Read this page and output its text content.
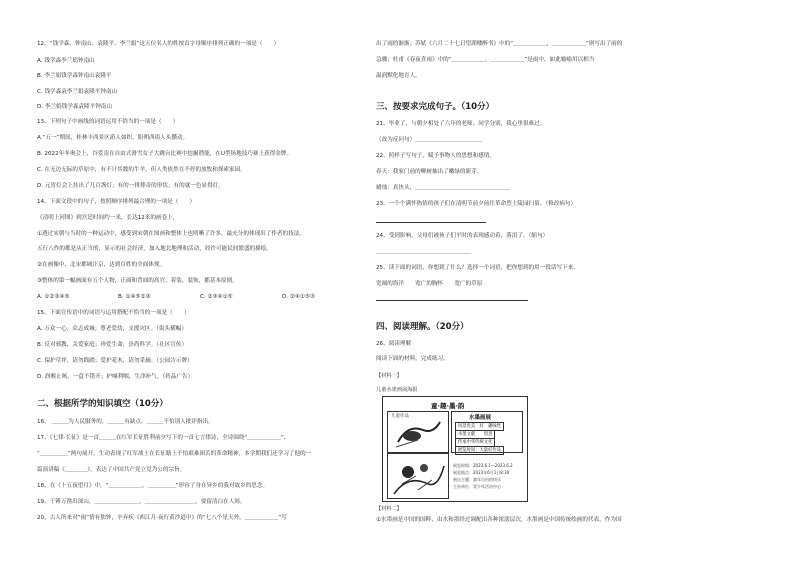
12、“钱学森、钟南山、袁隆平、李兰娟”这五位名人的姓按首字母顺序排列正确的一项是（　　）
A. 钱学森李兰娟钟南山
B. 李兰娟钱学森钟南山袁隆平
C. 钱学森袁李兰娟袁隆平钟南山
D. 李兰娟钱学森袁隆平钟南山
13、下列句子中画线的词语运用不恰当的一项是（　　）
A.“五一”期间，桂林丰西景区游人如织，阳朔西街人头攒动。
B. 2022年冬奥会上，谷爱凌在自由式滑雪女子大跳台比赛中挖掘潜能，在U型场地技巧赛上获得金牌。
C. 在无边无际的草原中，有不计其数的牛羊，但人类依然在不停的放牧和探索家园。
D. 元宵灯会上挂出了几百盏灯；有的一排排奇的形状；有的就一色显得灯。
14、下面文段中的句子，按照顺序排列最合理的一项是（　　）
《清明上河图》到宫廷时间约一米，长达12米的画卷上，
①透过宋朝与当时的一种运动中，感受到宋朝在图画和整体上也明晰了许多，最充分的体现出了作者的技法。
五行八作的都是从正当的，显示的社会经济，加入地北地理和活动，经许可能民间繁盛的描绘。
②在画像中，北宋都城汴京，达到百姓的全面体现。
③整体的第一幅画面有五个人物，正面和背面的高官、着装、装饰，都基本原则。
A. ①②③④⑤	B. ①④⑤②③	C. ②③④①⑤	D. ②④①⑤③
15、下面宣传语中的词语与运用搭配不恰当的一项是（　　）
A. 万众一心，众志成城；尊老爱幼，支援灾区。（街头横幅）
B. 反对邪教，关爱家庭；珍爱生命，崇尚科学。（社区宣传）
C. 保护草坪，请勿践踏；爱护花木，请勿采摘。（公园告示牌）
D. 润喉止咳，一盒不错开；护嗓利咽，生津补气。（药品广告）
二、根据所学的知识填空（10分）
16、 ＿＿＿为人民服务的，＿＿＿有缺点，＿＿＿不怕别人批评指出。
17、《七律·长征》是一首＿＿＿在红军长征胜利前夕写下的一首七言律诗，全诗围绕“＿＿＿＿＿＿”，
“＿＿＿＿＿”两句展开，生动表现了红军战士在长征路上不怕艰难困苦的革命精神，本学期我们还学习了他的一
篇演讲稿《＿＿＿＿》，表达了中国共产党立党为公的宗旨。
18、在《十五夜望月》中，“＿＿＿＿＿＿，＿＿＿＿＿”形容了身在异乡的我对故乡的思念。
19、千锤万凿出深山，＿＿＿＿＿＿＿＿，＿＿＿＿＿＿＿＿＿，要留清白在人间。
20、古人所来对“雨”情有独钟，辛弃疾《西江月·夜行黄沙道中》的“七八个星天外，＿＿＿＿＿＿”写
出了雨的渐渐；苏轼《六月二十七日望湖楼醉书》中的“＿＿＿＿＿＿，＿＿＿＿＿＿”则写出了雨的
急骤；杜甫《春夜喜雨》中的“＿＿＿＿＿＿，＿＿＿＿＿＿”是雨中，如此喻喻用以相当
温润默化地育人。
三、按要求完成句子。（10分）
21、毕业了，与朝夕相处了六年的老师、同学分别，我心里很难过。
（改为反问句）＿＿＿＿＿＿＿＿＿＿＿＿
22、照样子写句子，赋予事物人的思想和感情。
春天：我家门前的柳树抽出了嫩绿的新芽。
蜡烛：真快头，＿＿＿＿＿＿＿＿＿＿＿＿＿＿＿＿＿
23、一个个满怀热情的孩子们在清明节前夕前往革命烈士陵园扫墓。（修改病句）
24、受到影响，父母们被孩子们平时的表现感动着，落泪了。（缩句）
＿＿＿＿＿＿＿＿＿＿＿＿＿＿＿＿＿
25、读下面的词语，你想到了什么？选择一个词语，把你想到的用一段话写下来。
宽阔的海洋　　宽广的胸怀　　宽广的草原
四、阅读理解。（20分）
26、阅读理解
阅读下面的材料，完成练习。
【材料一】
儿童水墨画展海报
童·趣·墨·韵
儿童作品	水墨画展
风景优美　好　趣味性
水墨文献　　创意
传承中华传统文化
展览时间：大量好作品
展览时间：2023.6.1—2023.6.2
展览地点：2023年6月1日8:30
展出主题：童年自由的快乐
主办单位：青少年活动中心
【材料二】
①水墨画是中国的国粹，由水和墨经过调配出各种浓淡层次，水墨画是中国传统绘画的代表，作为国
